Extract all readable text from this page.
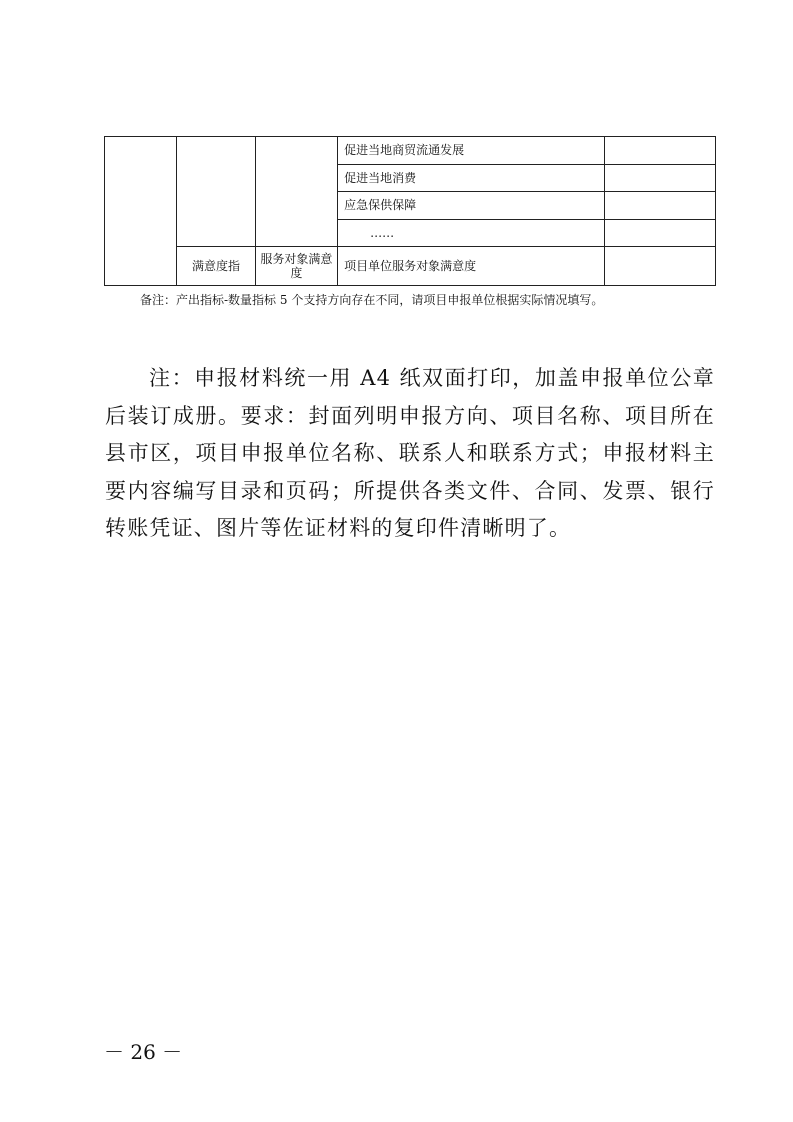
			促进当地商贸流通发展	
			促进当地消费	
			应急保供保障	
			……	
	满意度指	服务对象满意度	项目单位服务对象满意度	

备注：产出指标-数量指标 5 个支持方向存在不同，请项目申报单位根据实际情况填写。

注：申报材料统一用 A4 纸双面打印，加盖申报单位公章后装订成册。要求：封面列明申报方向、项目名称、项目所在县市区，项目申报单位名称、联系人和联系方式；申报材料主要内容编写目录和页码；所提供各类文件、合同、发票、银行转账凭证、图片等佐证材料的复印件清晰明了。

－ 26 －
